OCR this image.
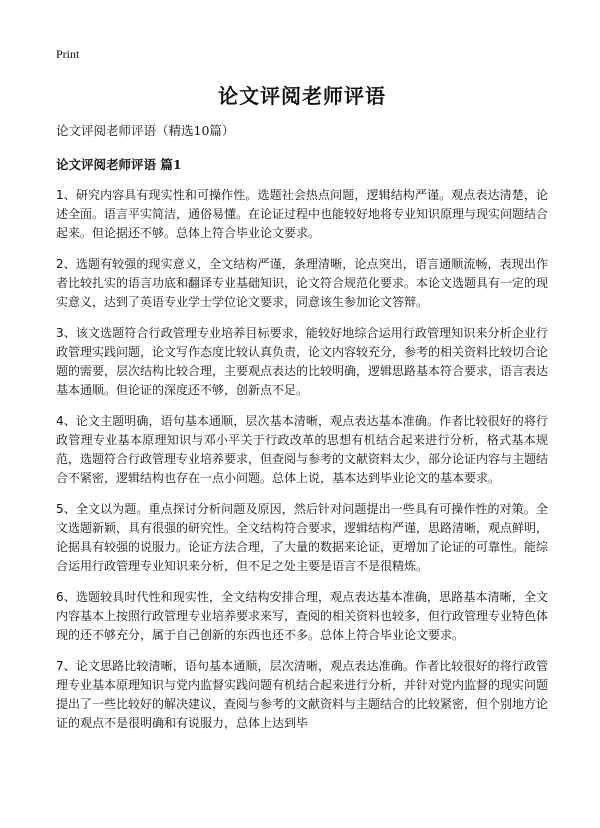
Print

论文评阅老师评语

论文评阅老师评语（精选10篇）

论文评阅老师评语 篇1

1、研究内容具有现实性和可操作性。选题社会热点问题，逻辑结构严谨。观点表达清楚，论述全面。语言平实简洁，通俗易懂。在论证过程中也能较好地将专业知识原理与现实问题结合起来。但论据还不够。总体上符合毕业论文要求。

2、选题有较强的现实意义，全文结构严谨，条理清晰，论点突出，语言通顺流畅，表现出作者比较扎实的语言功底和翻译专业基础知识，论文符合规范化要求。本论文选题具有一定的现实意义，达到了英语专业学士学位论文要求，同意该生参加论文答辩。

3、该文选题符合行政管理专业培养目标要求，能较好地综合运用行政管理知识来分析企业行政管理实践问题，论文写作态度比较认真负责，论文内容较充分，参考的相关资料比较切合论题的需要，层次结构比较合理，主要观点表达的比较明确，逻辑思路基本符合要求，语言表达基本通顺。但论证的深度还不够，创新点不足。

4、论文主题明确，语句基本通顺，层次基本清晰，观点表达基本准确。作者比较很好的将行政管理专业基本原理知识与邓小平关于行政改革的思想有机结合起来进行分析，格式基本规范，选题符合行政管理专业培养要求，但查阅与参考的文献资料太少，部分论证内容与主题结合不紧密，逻辑结构也存在一点小问题。总体上说，基本达到毕业论文的基本要求。

5、全文以为题。重点探讨分析问题及原因，然后针对问题提出一些具有可操作性的对策。全文选题新颖，具有很强的研究性。全文结构符合要求，逻辑结构严谨，思路清晰，观点鲜明，论据具有较强的说服力。论证方法合理，了大量的数据来论证，更增加了论证的可靠性。能综合运用行政管理专业知识来分析，但不足之处主要是语言不是很精炼。

6、选题较具时代性和现实性，全文结构安排合理，观点表达基本准确，思路基本清晰，全文内容基本上按照行政管理专业培养要求来写，查阅的相关资料也较多，但行政管理专业特色体现的还不够充分，属于自己创新的东西也还不多。总体上符合毕业论文要求。

7、论文思路比较清晰，语句基本通顺，层次清晰，观点表达准确。作者比较很好的将行政管理专业基本原理知识与党内监督实践问题有机结合起来进行分析，并针对党内监督的现实问题提出了一些比较好的解决建议，查阅与参考的文献资料与主题结合的比较紧密，但个别地方论证的观点不是很明确和有说服力，总体上达到毕
